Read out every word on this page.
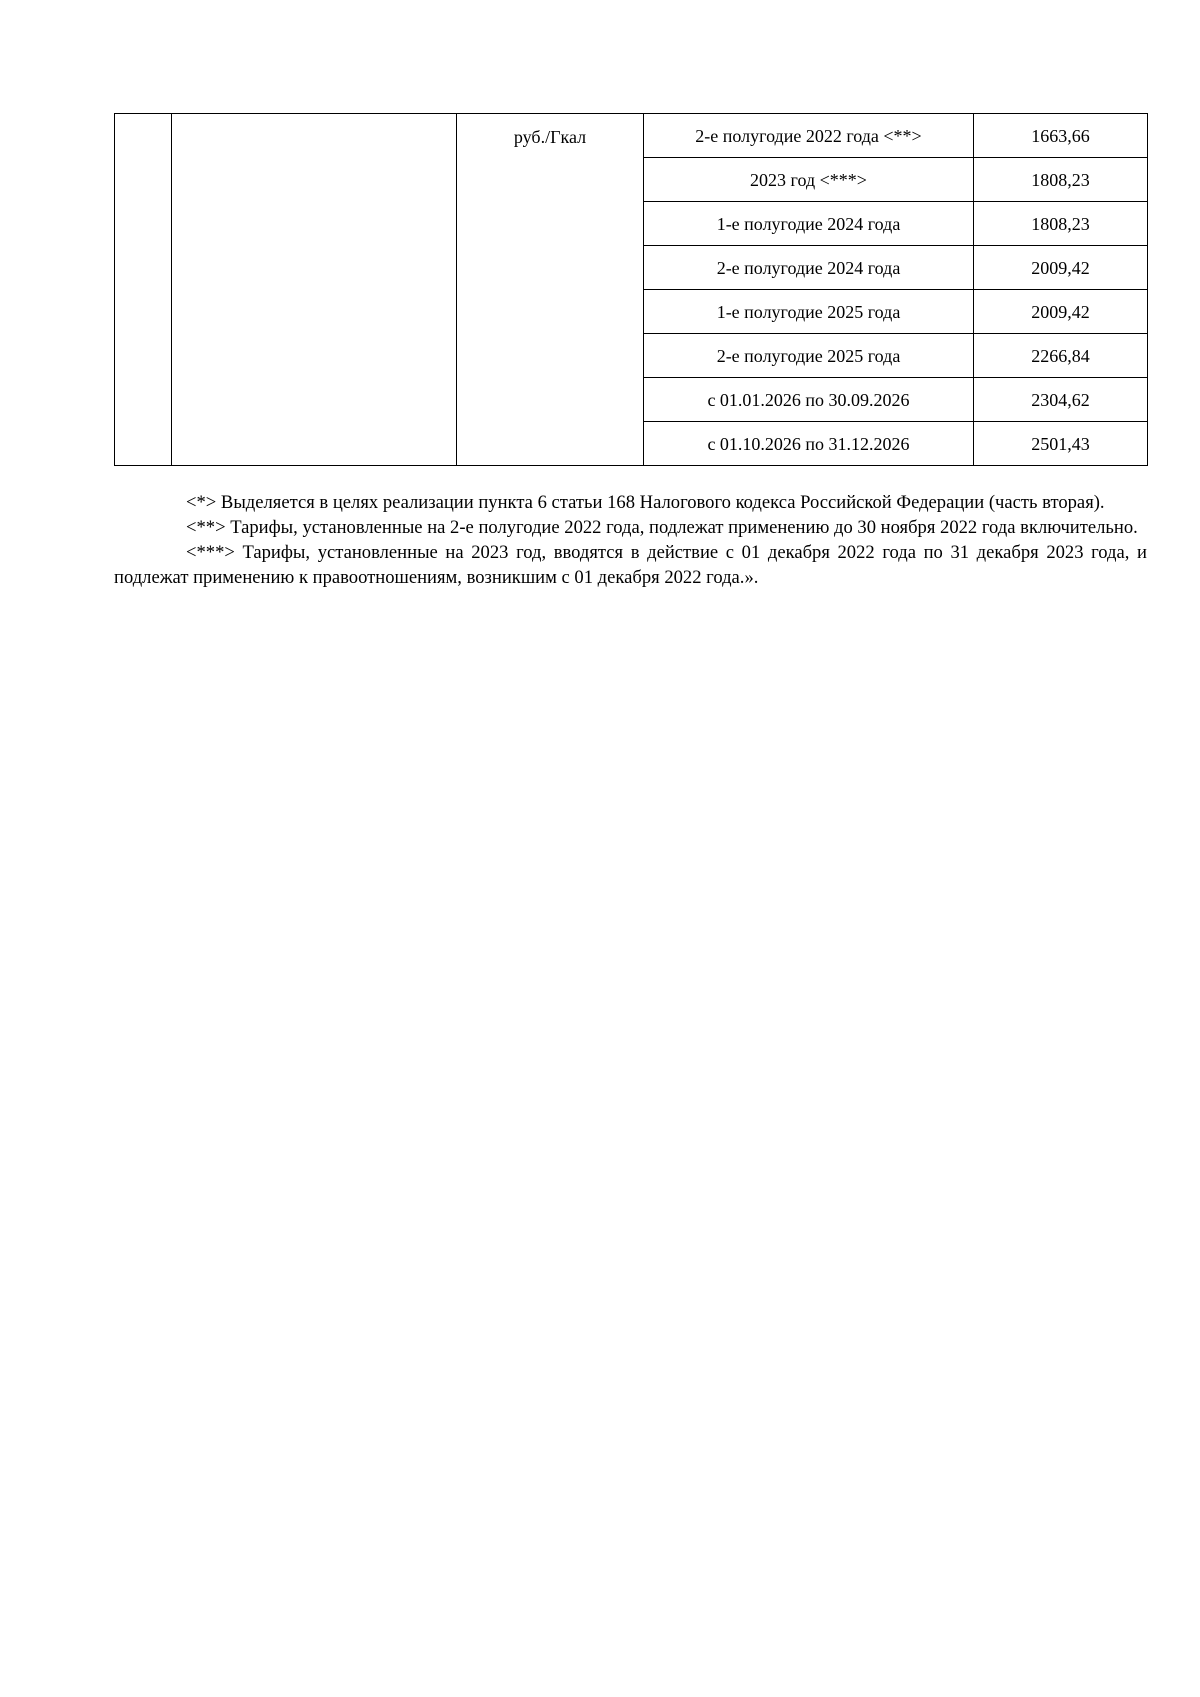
		руб./Гкал	2-е полугодие 2022 года <**>	1663,66
			2023 год <***>	1808,23
			1-е полугодие 2024 года	1808,23
			2-е полугодие 2024 года	2009,42
			1-е полугодие 2025 года	2009,42
			2-е полугодие 2025 года	2266,84
			с 01.01.2026 по 30.09.2026	2304,62
			с 01.10.2026 по 31.12.2026	2501,43

<*> Выделяется в целях реализации пункта 6 статьи 168 Налогового кодекса Российской Федерации (часть вторая).

<**> Тарифы, установленные на 2-е полугодие 2022 года, подлежат применению до 30 ноября 2022 года включительно.

<***> Тарифы, установленные на 2023 год, вводятся в действие с 01 декабря 2022 года по 31 декабря 2023 года, и подлежат применению к правоотношениям, возникшим с 01 декабря 2022 года.».
